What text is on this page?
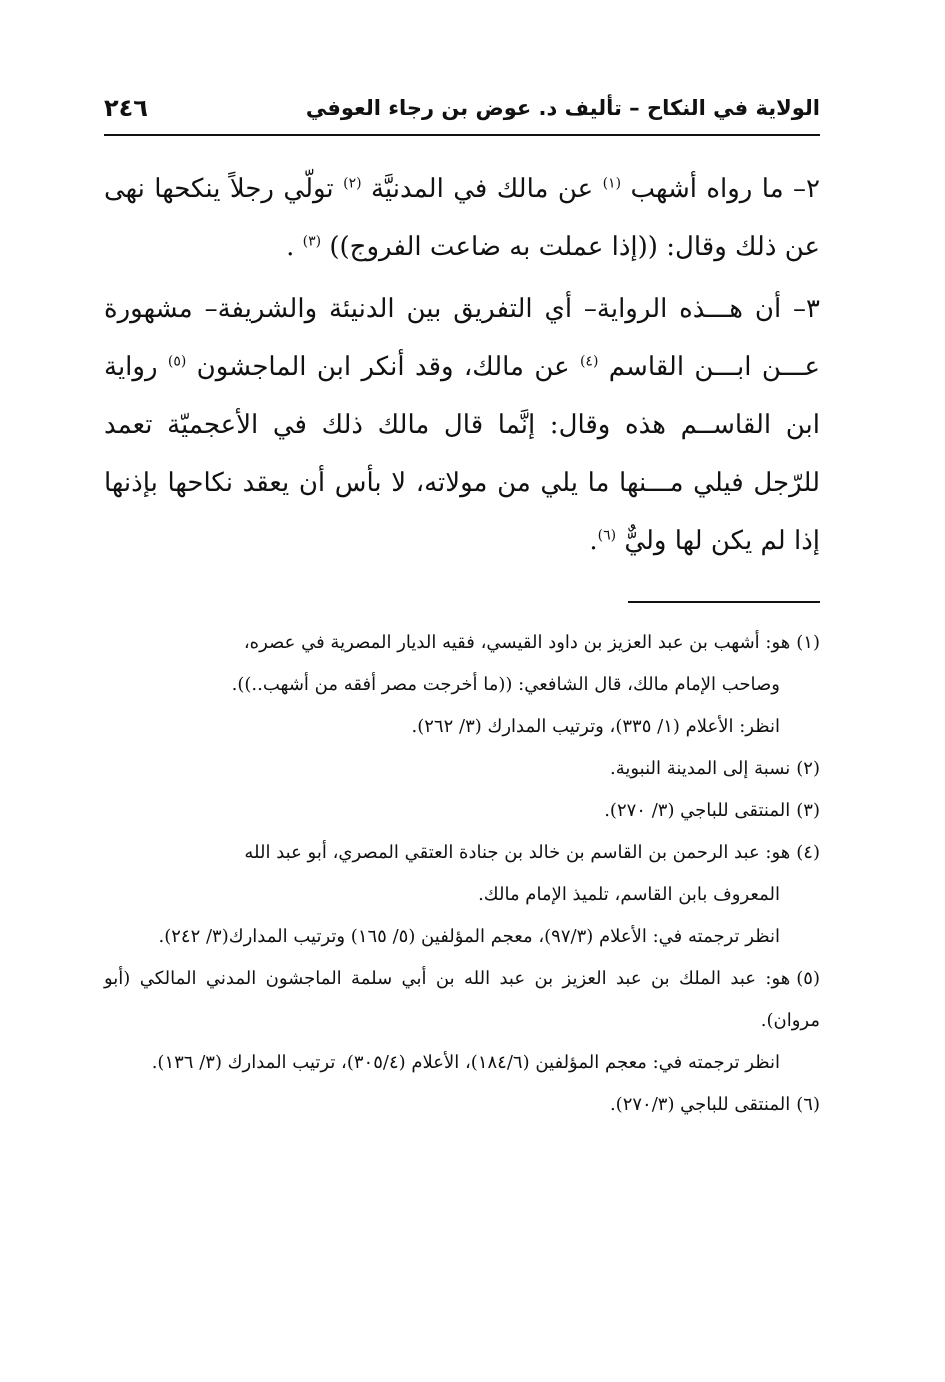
الولاية في النكاح – تأليف د. عوض بن رجاء العوفي
٢٤٦

٢– ما رواه أشهب $^{(١)}$ عن مالك في المدنيَّة $^{(٢)}$ تولّي رجلاً ينكحها نهى عن ذلك وقال: ((إذا عملت به ضاعت الفروج)) $^{(٣)}$ .

٣– أن هـــذه الرواية– أي التفريق بين الدنيئة والشريفة– مشهورة عـــن ابـــن القاسم $^{(٤)}$ عن مالك، وقد أنكر ابن الماجشون $^{(٥)}$ رواية ابن القاســم هذه وقال: إنَّما قال مالك ذلك في الأعجميّة تعمد للرّجل فيلي مـــنها ما يلي من مولاته، لا بأس أن يعقد نكاحها بإذنها إذا لم يكن لها وليٌّ $^{(٦)}$.

(١)هو: أشهب بن عبد العزيز بن داود القيسي، فقيه الديار المصرية في عصره،
وصاحب الإمام مالك، قال الشافعي: ((ما أخرجت مصر أفقه من أشهب..)).
انظر: الأعلام (١/ ٣٣٥)، وترتيب المدارك (٣/ ٢٦٢).
(٢)نسبة إلى المدينة النبوية.
(٣)المنتقى للباجي (٣/ ٢٧٠).
(٤)هو: عبد الرحمن بن القاسم بن خالد بن جنادة العتقي المصري، أبو عبد الله
المعروف بابن القاسم، تلميذ الإمام مالك.
انظر ترجمته في: الأعلام (٩٧/٣)، معجم المؤلفين (٥/ ١٦٥) وترتيب المدارك(٣/ ٢٤٢).
(٥)هو: عبد الملك بن عبد العزيز بن عبد الله بن أبي سلمة الماجشون المدني المالكي (أبو مروان).
انظر ترجمته في: معجم المؤلفين (١٨٤/٦)، الأعلام (٣٠٥/٤)، ترتيب المدارك (٣/ ١٣٦).
(٦)المنتقى للباجي (٢٧٠/٣).
